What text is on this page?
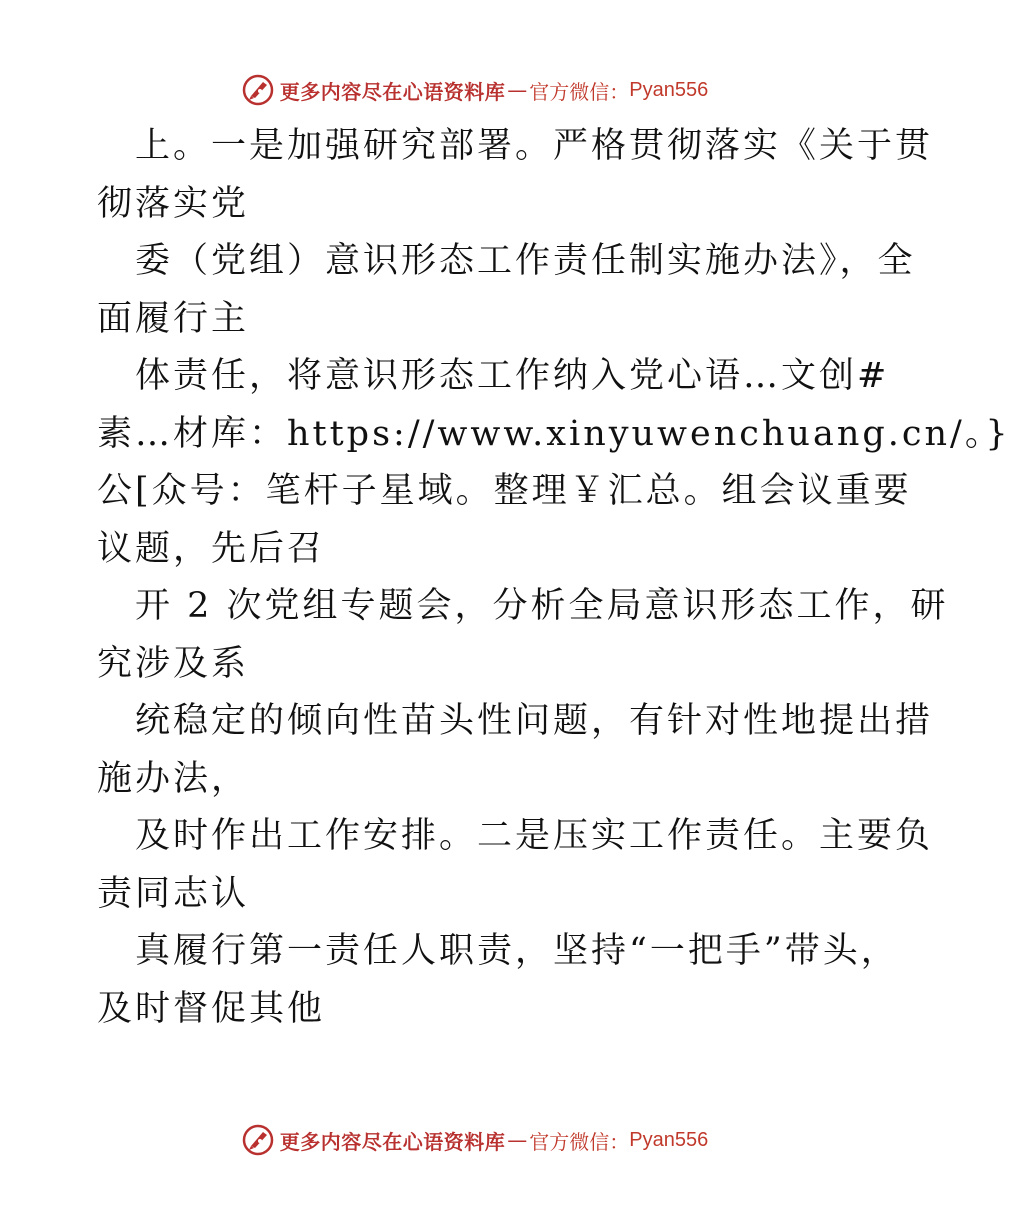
更多内容尽在心语资料库 — 官方微信： Pyan556
上。一是加强研究部署。严格贯彻落实《关于贯
彻落实党
委（党组）意识形态工作责任制实施办法》，全
面履行主
体责任，将意识形态工作纳入党心语…文创#
素…材库：https://www.xinyuwenchuang.cn/。}
公[众号：笔杆子星域。整理￥汇总。组会议重要
议题，先后召
开 2 次党组专题会，分析全局意识形态工作，研
究涉及系
统稳定的倾向性苗头性问题，有针对性地提出措
施办法，
及时作出工作安排。二是压实工作责任。主要负
责同志认
真履行第一责任人职责，坚持“一把手”带头，
及时督促其他
更多内容尽在心语资料库 — 官方微信： Pyan556
